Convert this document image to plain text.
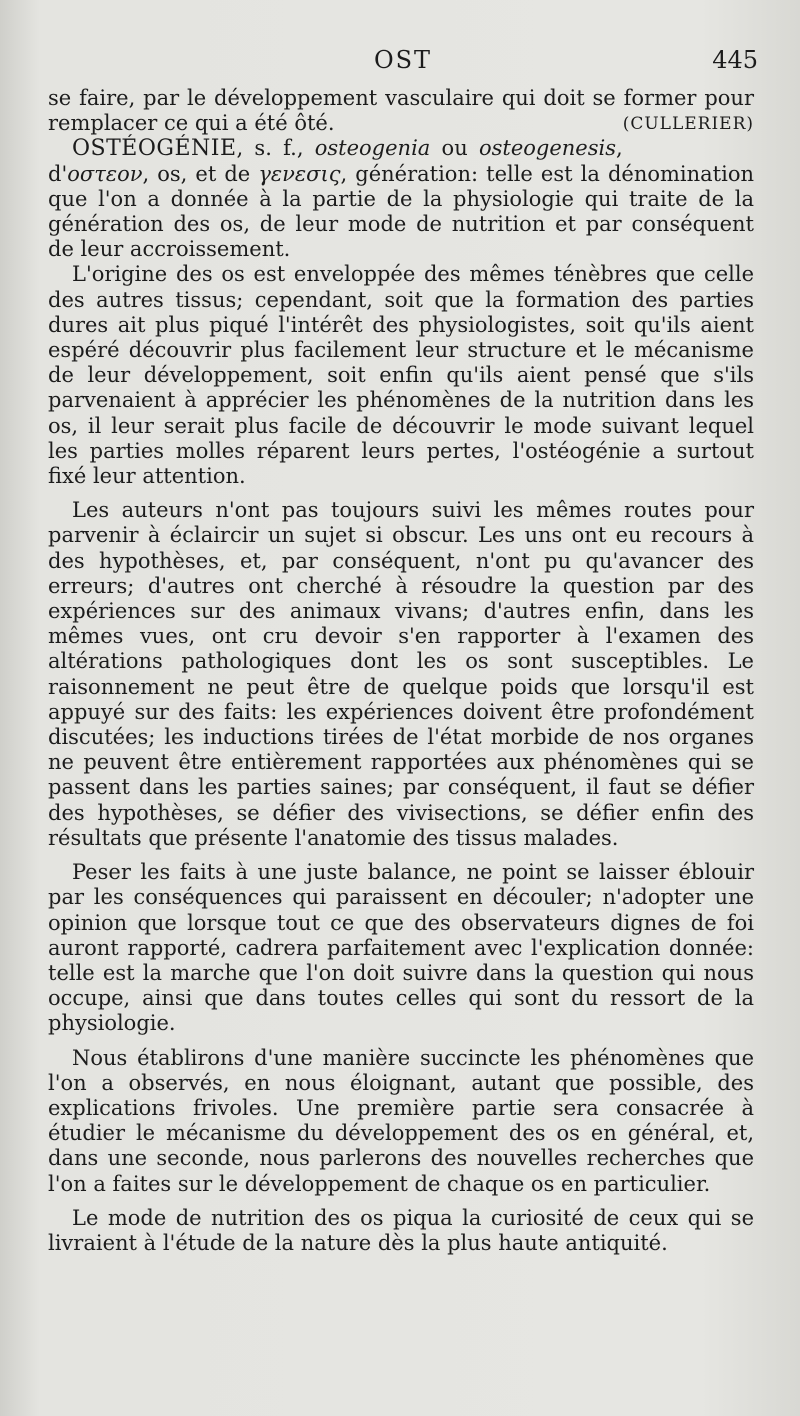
OST	445

se faire, par le développement vasculaire qui doit se former pour remplacer ce qui a été ôté.	(CULLERIER)

OSTÉOGÉNIE, s. f., osteogenia ou osteogenesis, d'οστεον, os, et de γενεσις, génération: telle est la dénomination que l'on a donnée à la partie de la physiologie qui traite de la génération des os, de leur mode de nutrition et par conséquent de leur accroissement.

L'origine des os est enveloppée des mêmes ténèbres que celle des autres tissus; cependant, soit que la formation des parties dures ait plus piqué l'intérêt des physiologistes, soit qu'ils aient espéré découvrir plus facilement leur structure et le mécanisme de leur développement, soit enfin qu'ils aient pensé que s'ils parvenaient à apprécier les phénomènes de la nutrition dans les os, il leur serait plus facile de découvrir le mode suivant lequel les parties molles réparent leurs pertes, l'ostéogénie a surtout fixé leur attention.

Les auteurs n'ont pas toujours suivi les mêmes routes pour parvenir à éclaircir un sujet si obscur. Les uns ont eu recours à des hypothèses, et, par conséquent, n'ont pu qu'avancer des erreurs; d'autres ont cherché à résoudre la question par des expériences sur des animaux vivans; d'autres enfin, dans les mêmes vues, ont cru devoir s'en rapporter à l'examen des altérations pathologiques dont les os sont susceptibles. Le raisonnement ne peut être de quelque poids que lorsqu'il est appuyé sur des faits: les expériences doivent être profondément discutées; les inductions tirées de l'état morbide de nos organes ne peuvent être entièrement rapportées aux phénomènes qui se passent dans les parties saines; par conséquent, il faut se défier des hypothèses, se défier des vivisections, se défier enfin des résultats que présente l'anatomie des tissus malades.

Peser les faits à une juste balance, ne point se laisser éblouir par les conséquences qui paraissent en découler; n'adopter une opinion que lorsque tout ce que des observateurs dignes de foi auront rapporté, cadrera parfaitement avec l'explication donnée: telle est la marche que l'on doit suivre dans la question qui nous occupe, ainsi que dans toutes celles qui sont du ressort de la physiologie.

Nous établirons d'une manière succincte les phénomènes que l'on a observés, en nous éloignant, autant que possible, des explications frivoles. Une première partie sera consacrée à étudier le mécanisme du développement des os en général, et, dans une seconde, nous parlerons des nouvelles recherches que l'on a faites sur le développement de chaque os en particulier.

Le mode de nutrition des os piqua la curiosité de ceux qui se livraient à l'étude de la nature dès la plus haute antiquité.
